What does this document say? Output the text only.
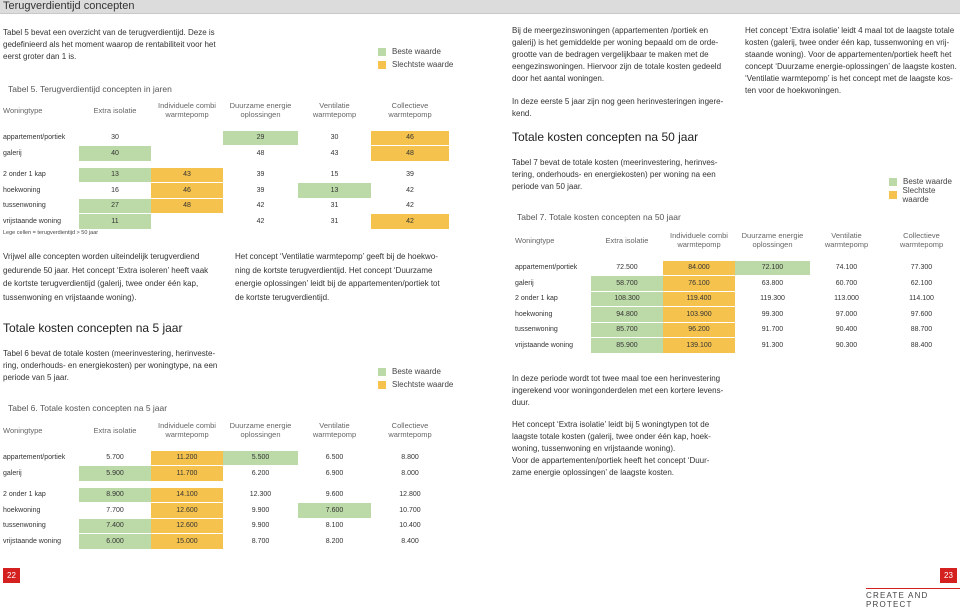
Terugverdientijd concepten
Tabel 5 bevat een overzicht van de terugverdientijd. Deze is
gedefinieerd als het moment waarop de rentabiliteit voor het
eerst groter dan 1 is.
Beste waarde
Slechtste waarde
Tabel 5. Terugverdientijd concepten in jaren
Woningtype	Extra isolatie	Individuele combi warmtepomp	Duurzame energie oplossingen	Ventilatie warmtepomp	Collectieve warmtepomp

appartement/portiek	30		29	30	46
galerij	40		48	43	48

2 onder 1 kap	13	43	39	15	39
hoekwoning	16	46	39	13	42
tussenwoning	27	48	42	31	42
vrijstaande woning	11		42	31	42
Lege cellen = terugverdientijd > 50 jaar
Vrijwel alle concepten worden uiteindelijk terugverdiend
gedurende 50 jaar. Het concept ‘Extra isoleren’ heeft vaak
de kortste terugverdientijd (galerij, twee onder één kap,
tussenwoning en vrijstaande woning).
Het concept ‘Ventilatie warmtepomp’ geeft bij de hoekwo-
ning de kortste terugverdientijd. Het concept ‘Duurzame
energie oplossingen’ leidt bij de appartementen/portiek tot
de kortste terugverdientijd.
Totale kosten concepten na 5 jaar
Tabel 6 bevat de totale kosten (meerinvestering, herinveste-
ring, onderhouds- en energiekosten) per woningtype, na een
periode van 5 jaar.
Beste waarde
Slechtste waarde
Tabel 6. Totale kosten concepten na 5 jaar
Woningtype	Extra isolatie	Individuele combi warmtepomp	Duurzame energie oplossingen	Ventilatie warmtepomp	Collectieve warmtepomp

appartement/portiek	5.700	11.200	5.500	6.500	8.800
galerij	5.900	11.700	6.200	6.900	8.000

2 onder 1 kap	8.900	14.100	12.300	9.600	12.800
hoekwoning	7.700	12.600	9.900	7.600	10.700
tussenwoning	7.400	12.600	9.900	8.100	10.400
vrijstaande woning	6.000	15.000	8.700	8.200	8.400
22
Bij de meergezinswoningen (appartementen /portiek en
galerij) is het gemiddelde per woning bepaald om de orde-
grootte van de bedragen vergelijkbaar te maken met de
eengezinswoningen. Hiervoor zijn de totale kosten gedeeld
door het aantal woningen.
In deze eerste 5 jaar zijn nog geen herinvesteringen ingere-
kend.
Het concept ‘Extra isolatie’ leidt 4 maal tot de laagste totale
kosten (galerij, twee onder één kap, tussenwoning en vrij-
staande woning). Voor de appartementen/portiek heeft het
concept ‘Duurzame energie-oplossingen’ de laagste kosten.
‘Ventilatie warmtepomp’ is het concept met de laagste kos-
ten voor de hoekwoningen.
Totale kosten concepten na 50 jaar
Tabel 7 bevat de totale kosten (meerinvestering, herinves-
tering, onderhouds- en energiekosten) per woning na een
periode van 50 jaar.
Beste waarde
Slechtste waarde
Tabel 7. Totale kosten concepten na 50 jaar
Woningtype	Extra isolatie	Individuele combi warmtepomp	Duurzame energie oplossingen	Ventilatie warmtepomp	Collectieve warmtepomp

appartement/portiek	72.500	84.000	72.100	74.100	77.300
galerij	58.700	76.100	63.800	60.700	62.100
2 onder 1 kap	108.300	119.400	119.300	113.000	114.100
hoekwoning	94.800	103.900	99.300	97.000	97.600
tussenwoning	85.700	96.200	91.700	90.400	88.700
vrijstaande woning	85.900	139.100	91.300	90.300	88.400
In deze periode wordt tot twee maal toe een herinvestering
ingerekend voor woningonderdelen met een kortere levens-
duur.
Het concept ‘Extra isolatie’ leidt bij 5 woningtypen tot de
laagste totale kosten (galerij, twee onder één kap, hoek-
woning, tussenwoning en vrijstaande woning).
Voor de appartementen/portiek heeft het concept ‘Duur-
zame energie oplossingen’ de laagste kosten.
23
CREATE AND PROTECT
